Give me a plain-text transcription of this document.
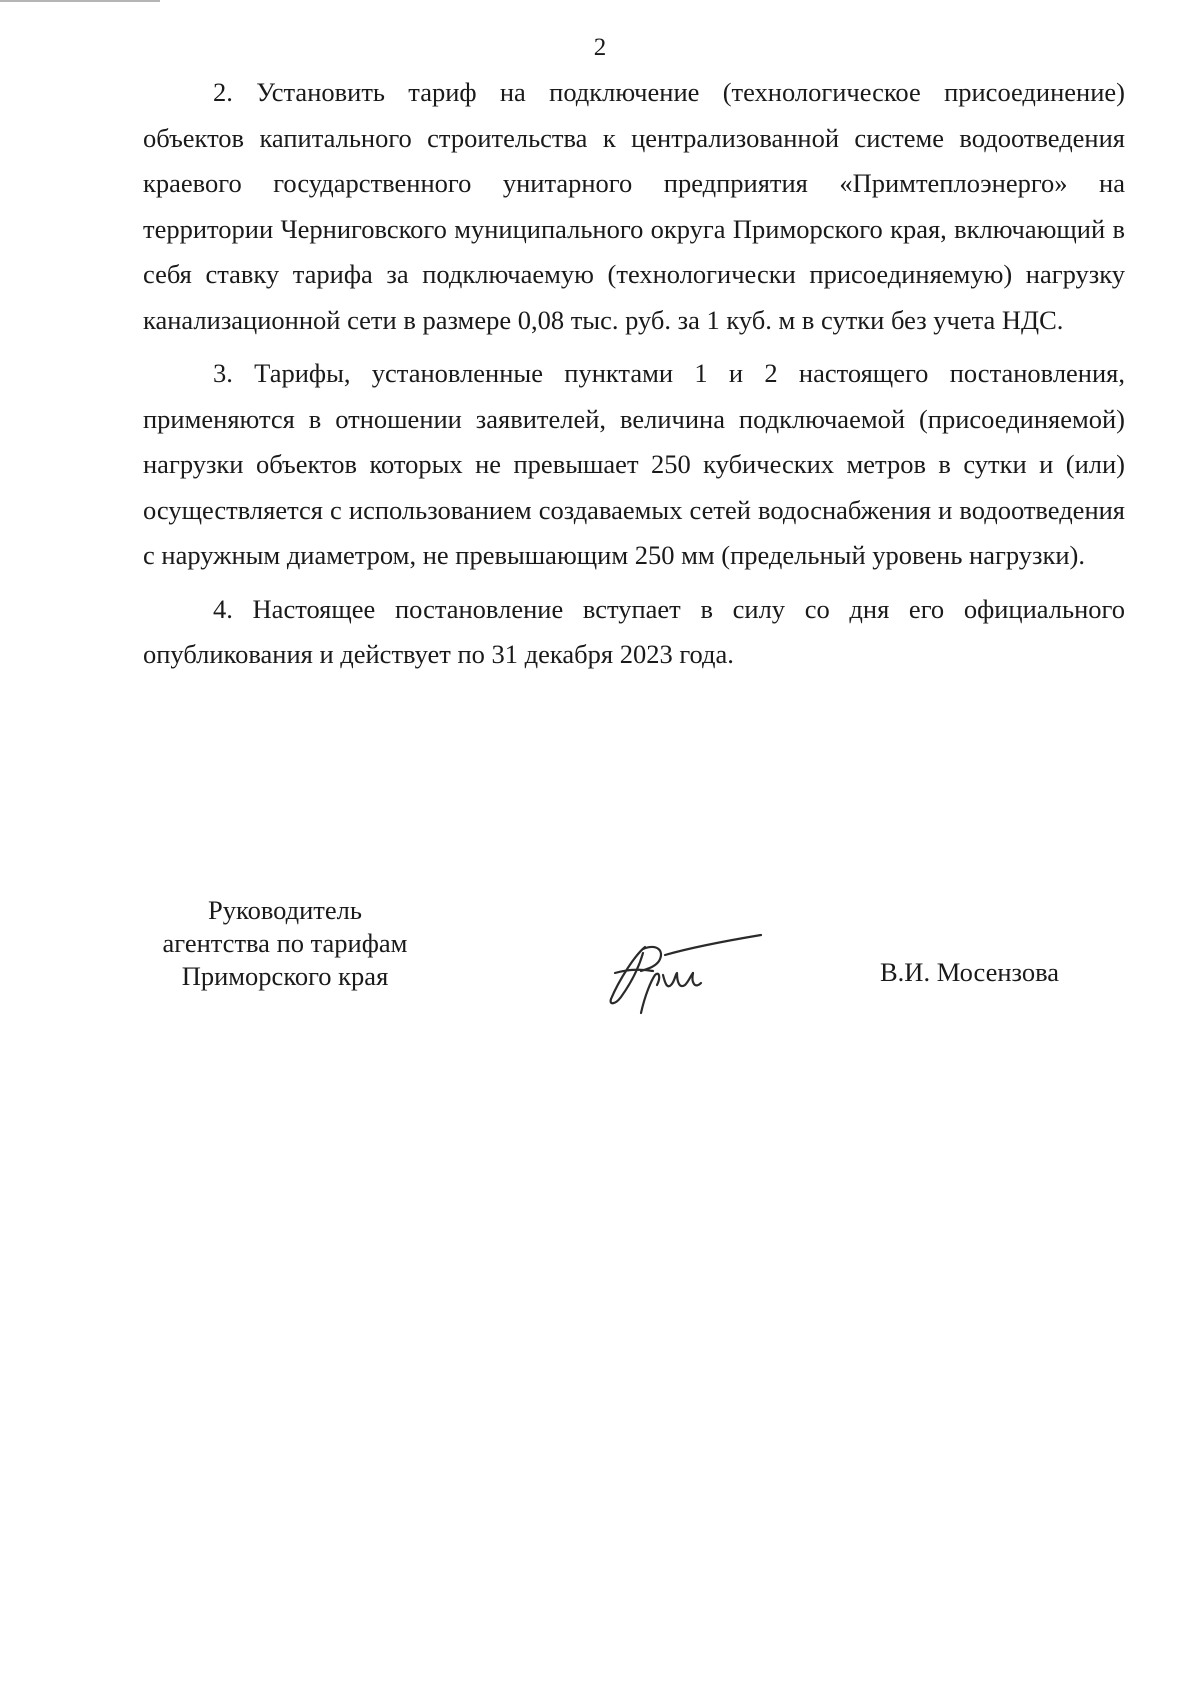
2

2. Установить тариф на подключение (технологическое присоединение) объектов капитального строительства к централизованной системе водоотведения краевого государственного унитарного предприятия «Примтеплоэнерго» на территории Черниговского муниципального округа Приморского края, включающий в себя ставку тарифа за подключаемую (технологически присоединяемую) нагрузку канализационной сети в размере 0,08 тыс. руб. за 1 куб. м в сутки без учета НДС.

3. Тарифы, установленные пунктами 1 и 2 настоящего постановления, применяются в отношении заявителей, величина подключаемой (присоединяемой) нагрузки объектов которых не превышает 250 кубических метров в сутки и (или) осуществляется с использованием создаваемых сетей водоснабжения и водоотведения с наружным диаметром, не превышающим 250 мм (предельный уровень нагрузки).

4. Настоящее постановление вступает в силу со дня его официального опубликования и действует по 31 декабря 2023 года.

Руководитель
агентства по тарифам
Приморского края	В.И. Мосензова
